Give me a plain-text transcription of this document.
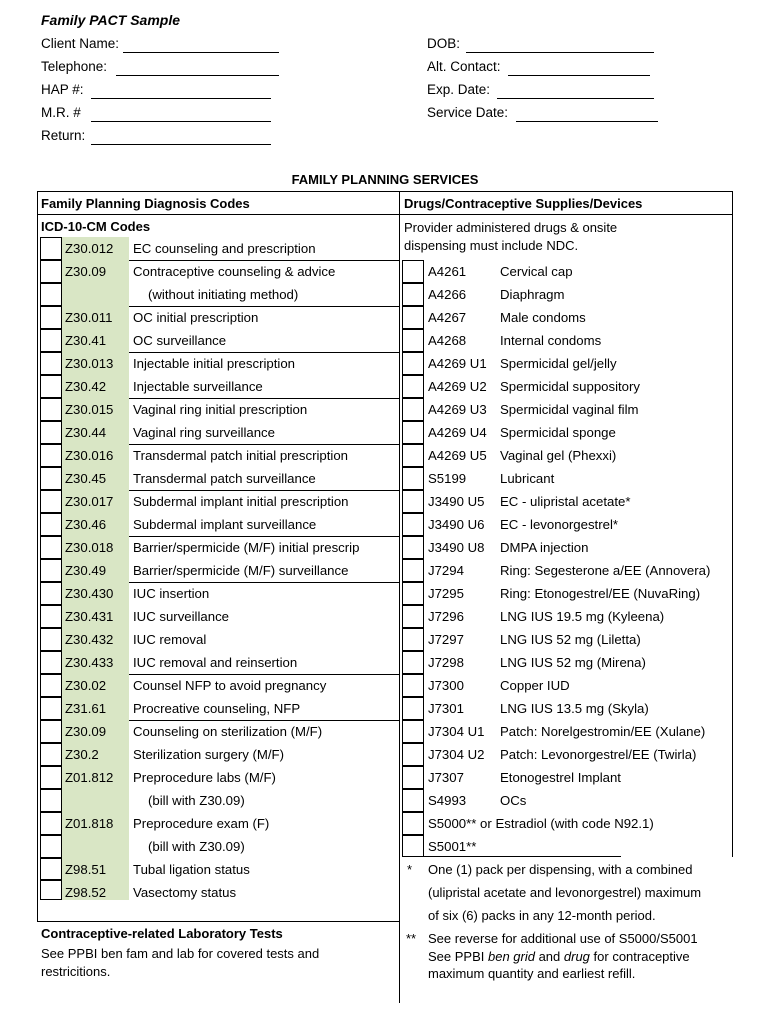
Family PACT Sample
Client Name:
Telephone:
HAP #:
M.R. #
Return:
DOB:
Alt. Contact:
Exp. Date:
Service Date:
FAMILY PLANNING SERVICES
Family Planning Diagnosis Codes	Drugs/Contraceptive Supplies/Devices
ICD-10-CM Codes
Z30.012 EC counseling and prescription
Z30.09 Contraceptive counseling & advice
(without initiating method)
Z30.011 OC initial prescription
Z30.41 OC surveillance
Z30.013 Injectable initial prescription
Z30.42 Injectable surveillance
Z30.015 Vaginal ring initial prescription
Z30.44 Vaginal ring surveillance
Z30.016 Transdermal patch initial prescription
Z30.45 Transdermal patch surveillance
Z30.017 Subdermal implant initial prescription
Z30.46 Subdermal implant surveillance
Z30.018 Barrier/spermicide (M/F) initial prescrip
Z30.49 Barrier/spermicide (M/F) surveillance
Z30.430 IUC insertion
Z30.431 IUC surveillance
Z30.432 IUC removal
Z30.433 IUC removal and reinsertion
Z30.02 Counsel NFP to avoid pregnancy
Z31.61 Procreative counseling, NFP
Z30.09 Counseling on sterilization (M/F)
Z30.2	Sterilization surgery (M/F)
Z01.812 Preprocedure labs (M/F)
(bill with Z30.09)
Z01.818 Preprocedure exam (F)
(bill with Z30.09)
Z98.51 Tubal ligation status
Z98.52 Vasectomy status
Contraceptive-related Laboratory Tests
See PPBI ben fam and lab for covered tests and
restricitions.
Provider administered drugs & onsite
dispensing must include NDC.
A4261	Cervical cap
A4266	Diaphragm
A4267	Male condoms
A4268	Internal condoms
A4269 U1 Spermicidal gel/jelly
A4269 U2 Spermicidal suppository
A4269 U3 Spermicidal vaginal film
A4269 U4 Spermicidal sponge
A4269 U5 Vaginal gel (Phexxi)
S5199	Lubricant
J3490 U5 EC - ulipristal acetate*
J3490 U6 EC - levonorgestrel*
J3490 U8 DMPA injection
J7294	Ring: Segesterone a/EE (Annovera)
J7295	Ring: Etonogestrel/EE (NuvaRing)
J7296	LNG IUS 19.5 mg (Kyleena)
J7297	LNG IUS 52 mg (Liletta)
J7298	LNG IUS 52 mg (Mirena)
J7300	Copper IUD
J7301	LNG IUS 13.5 mg (Skyla)
J7304 U1 Patch: Norelgestromin/EE (Xulane)
J7304 U2 Patch: Levonorgestrel/EE (Twirla)
J7307	Etonogestrel Implant
S4993	OCs
S5000** or Estradiol (with code N92.1)
S5001**
* One (1) pack per dispensing, with a combined
(ulipristal acetate and levonorgestrel) maximum
of six (6) packs in any 12-month period.
** See reverse for additional use of S5000/S5001
See PPBI ben grid and drug for contraceptive
maximum quantity and earliest refill.
